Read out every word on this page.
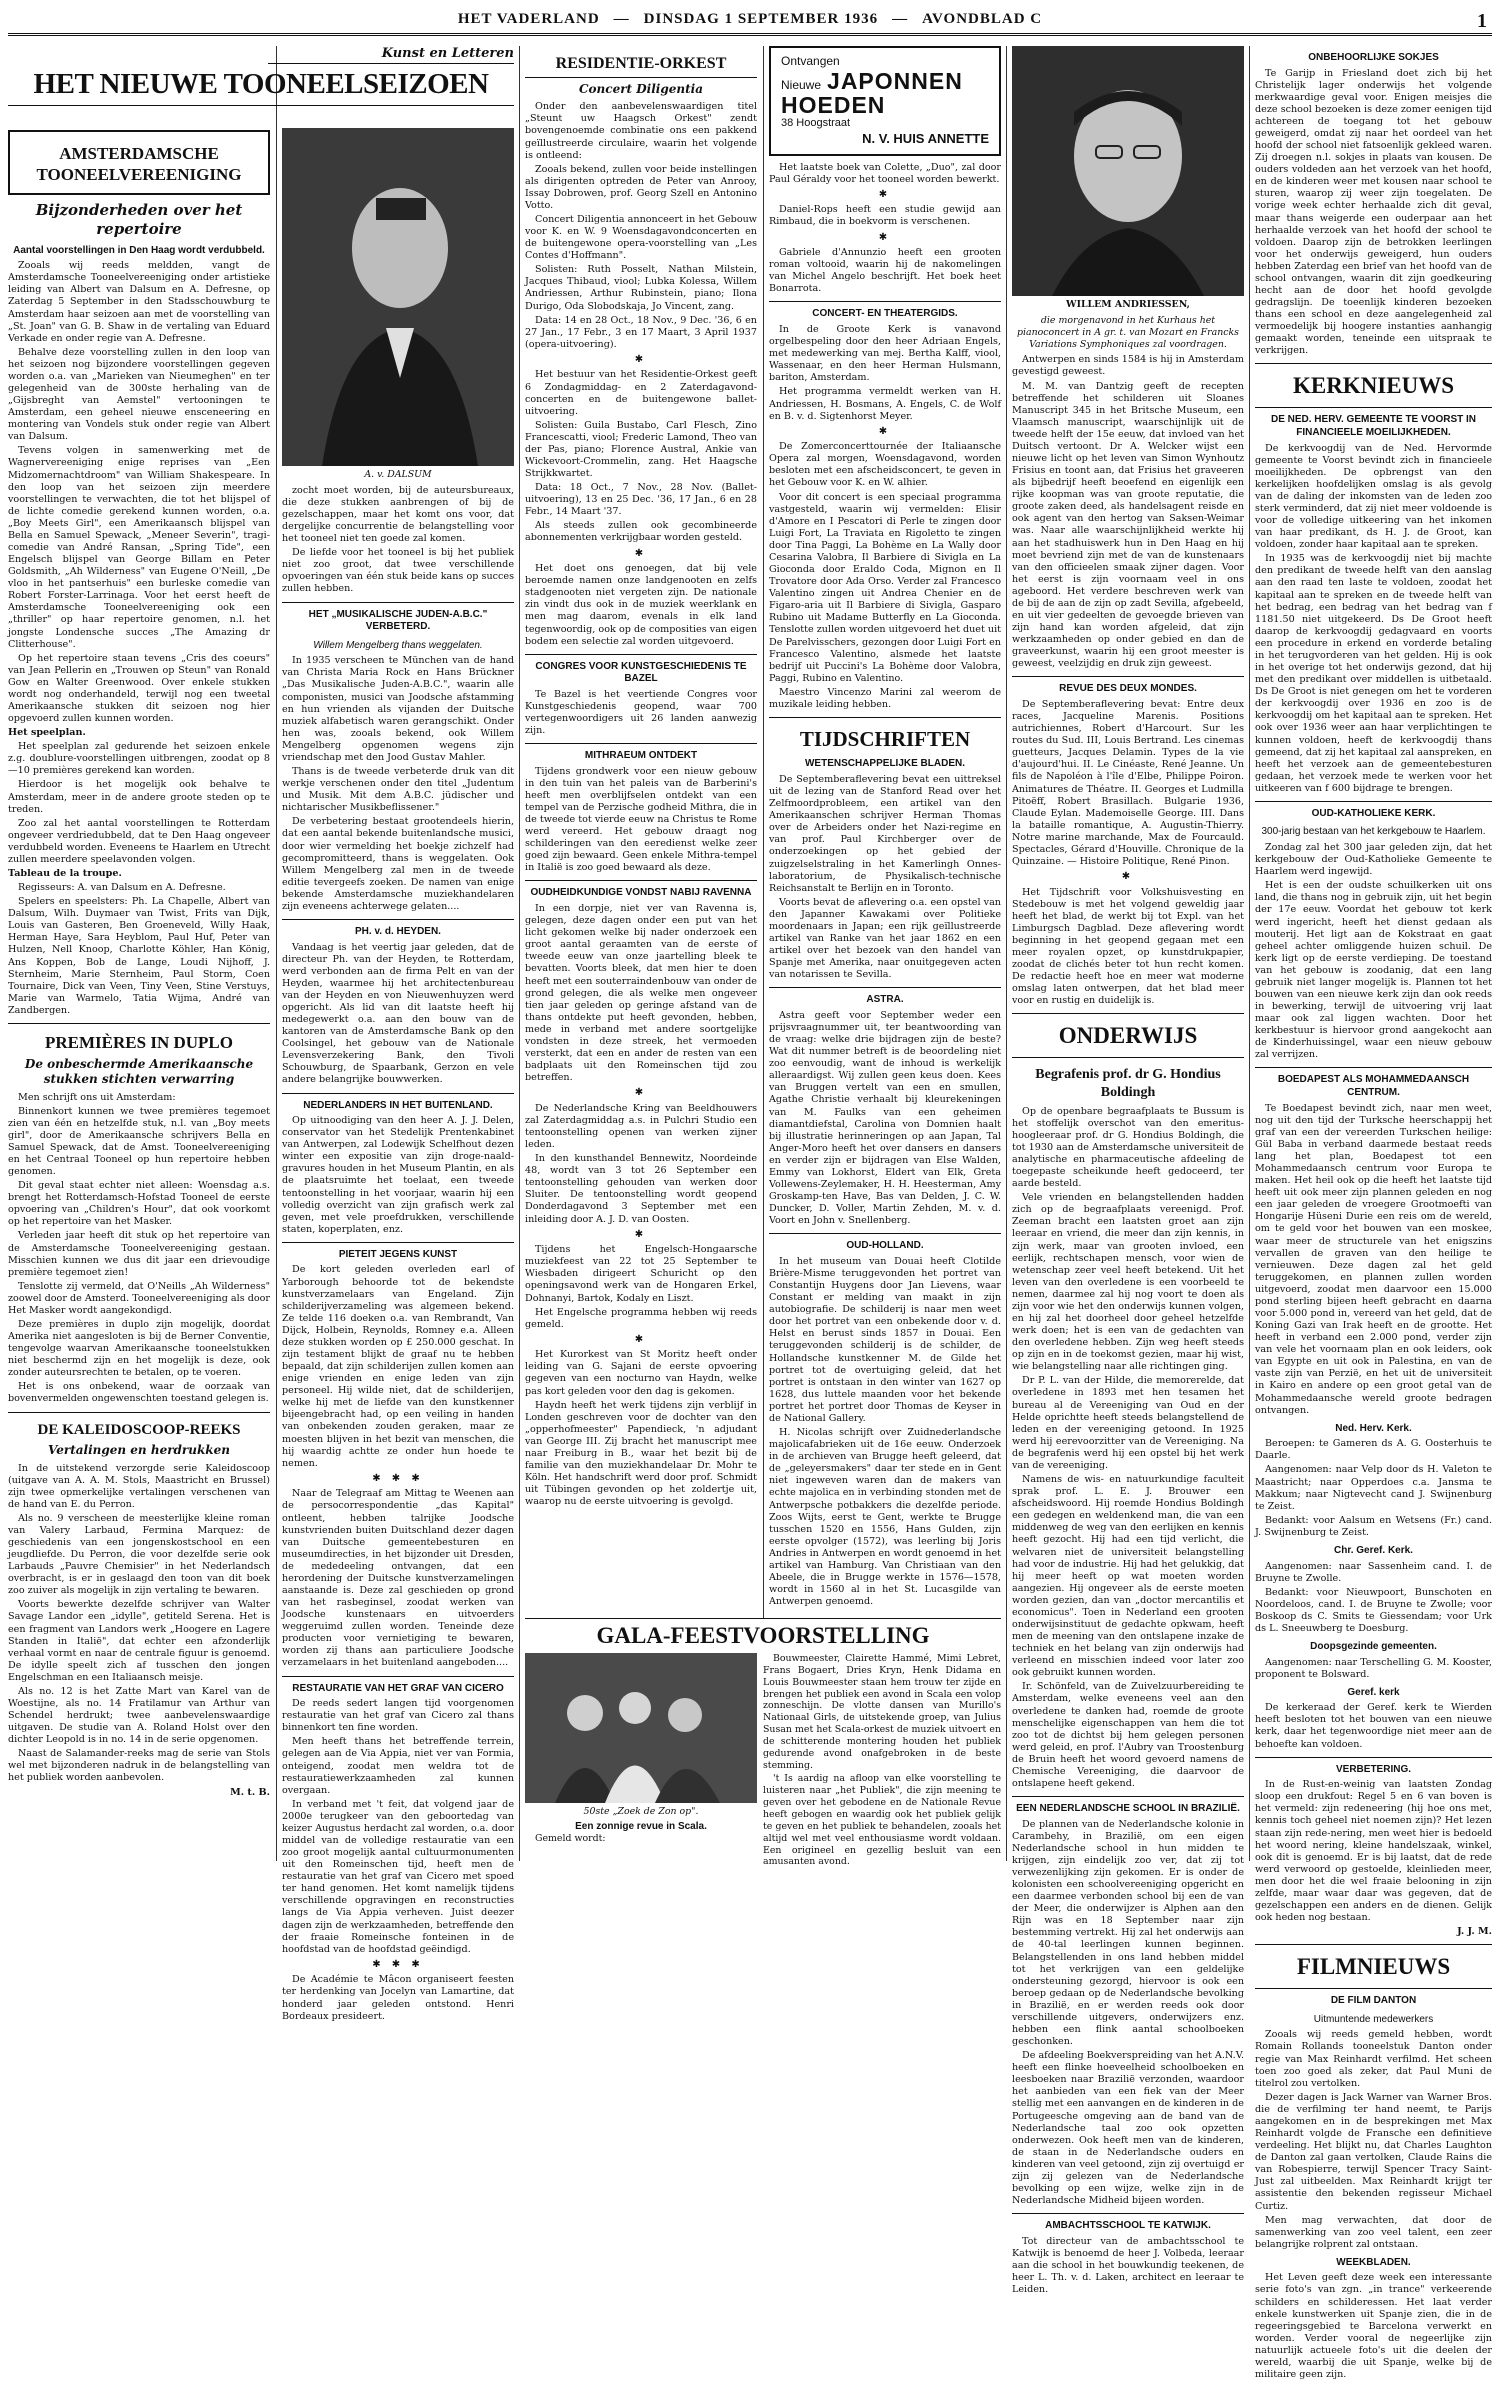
HET VADERLAND — DINSDAG 1 SEPTEMBER 1936 — AVONDBLAD C	1
Kunst en Letteren
HET NIEUWE TOONEELSEIZOEN
AMSTERDAMSCHE TOONEELVEREENIGING
Bijzonderheden over het repertoire
Aantal voorstellingen in Den Haag wordt verdubbeld.

Zooals wij reeds meldden, vangt de Amsterdamsche Tooneelvereeniging onder artistieke leiding van Albert van Dalsum en A. Defresne, op Zaterdag 5 September in den Stadsschouwburg te Amsterdam haar seizoen aan met de voorstelling van „St. Joan" van G. B. Shaw in de vertaling van Eduard Verkade en onder regie van A. Defresne.

Behalve deze voorstelling zullen in den loop van het seizoen nog bijzondere voorstellingen gegeven worden o.a. van „Marieken van Nieumeghen" en ter gelegenheid van de 300ste herhaling van de „Gijsbreght van Aemstel" vertooningen te Amsterdam, een geheel nieuwe ensceneering en montering van Vondels stuk onder regie van Albert van Dalsum.

Tevens volgen in samenwerking met de Wagnervereeniging enige reprises van „Een Midzomernachtdroom" van William Shakespeare. In den loop van het seizoen zijn meerdere voorstellingen te verwachten, die tot het blijspel of de lichte comedie gerekend kunnen worden, o.a. „Boy Meets Girl", een Amerikaansch blijspel van Bella en Samuel Spewack, „Meneer Severin", tragi-comedie van André Ransan, „Spring Tide", een Engelsch blijspel van George Billam en Peter Goldsmith, „Ah Wilderness" van Eugene O'Neill, „De vloo in het pantserhuis" een burleske comedie van Robert Forster-Larrinaga. Voor het eerst heeft de Amsterdamsche Tooneelvereeniging ook een „thriller" op haar repertoire genomen, n.l. het jongste Londensche succes „The Amazing dr Clitterhouse".

Op het repertoire staan tevens „Cris des coeurs" van Jean Pellerin en „Trouwen op Steun" van Ronald Gow en Walter Greenwood. Over enkele stukken wordt nog onderhandeld, terwijl nog een tweetal Amerikaansche stukken dit seizoen nog hier opgevoerd zullen kunnen worden.

Het speelplan.

Het speelplan zal gedurende het seizoen enkele z.g. doublure-voorstellingen uitbrengen, zoodat op 8—10 premières gerekend kan worden.

Hierdoor is het mogelijk ook behalve te Amsterdam, meer in de andere groote steden op te treden.

Zoo zal het aantal voorstellingen te Rotterdam ongeveer verdriedubbeld, dat te Den Haag ongeveer verdubbeld worden. Eveneens te Haarlem en Utrecht zullen meerdere speelavonden volgen.

Tableau de la troupe.

Regisseurs: A. van Dalsum en A. Defresne.

Spelers en speelsters: Ph. La Chapelle, Albert van Dalsum, Wilh. Duymaer van Twist, Frits van Dijk, Louis van Gasteren, Ben Groeneveld, Willy Haak, Herman Haye, Sara Heyblom, Paul Huf, Peter van Hulzen, Nell Knoop, Charlotte Köhler, Han König, Ans Koppen, Bob de Lange, Loudi Nijhoff, J. Sternheim, Marie Sternheim, Paul Storm, Coen Tournaire, Dick van Veen, Tiny Veen, Stine Verstuys, Marie van Warmelo, Tatia Wijma, André van Zandbergen.

PREMIÈRES IN DUPLO
De onbeschermde Amerikaansche stukken stichten verwarring

Men schrijft ons uit Amsterdam:

Binnenkort kunnen we twee premières tegemoet zien van één en hetzelfde stuk, n.l. van „Boy meets girl", door de Amerikaansche schrijvers Bella en Samuel Spewack, dat de Amst. Tooneelvereeniging en het Centraal Tooneel op hun repertoire hebben genomen.

Dit geval staat echter niet alleen: Woensdag a.s. brengt het Rotterdamsch-Hofstad Tooneel de eerste opvoering van „Children's Hour", dat ook voorkomt op het repertoire van het Masker.

Verleden jaar heeft dit stuk op het repertoire van de Amsterdamsche Tooneelvereeniging gestaan. Misschien kunnen we dus dit jaar een drievoudige première tegemoet zien!

Tenslotte zij vermeld, dat O'Neills „Ah Wilderness" zoowel door de Amsterd. Tooneelvereeniging als door Het Masker wordt aangekondigd.

Deze premières in duplo zijn mogelijk, doordat Amerika niet aangesloten is bij de Berner Conventie, tengevolge waarvan Amerikaansche tooneelstukken niet beschermd zijn en het mogelijk is deze, ook zonder auteursrechten te betalen, op te voeren.

Het is ons onbekend, waar de oorzaak van bovenvermelden ongewenschten toestand gelegen is.

DE KALEIDOSCOOP-REEKS
Vertalingen en herdrukken

In de uitstekend verzorgde serie Kaleidoscoop (uitgave van A. A. M. Stols, Maastricht en Brussel) zijn twee opmerkelijke vertalingen verschenen van de hand van E. du Perron.

Als no. 9 verscheen de meesterlijke kleine roman van Valery Larbaud, Fermina Marquez: de geschiedenis van een jongenskostschool en een jeugdliefde. Du Perron, die voor dezelfde serie ook Larbauds „Pauvre Chemisier" in het Nederlandsch overbracht, is er in geslaagd den toon van dit boek zoo zuiver als mogelijk in zijn vertaling te bewaren.

Voorts bewerkte dezelfde schrijver van Walter Savage Landor een „idylle", getiteld Serena. Het is een fragment van Landors werk „Hoogere en Lagere Standen in Italië", dat echter een afzonderlijk verhaal vormt en naar de centrale figuur is genoemd. De idylle speelt zich af tusschen den jongen Engelschman en een Italiaansch meisje.

Als no. 12 is het Zatte Mart van Karel van de Woestijne, als no. 14 Fratilamur van Arthur van Schendel herdrukt; twee aanbevelenswaardige uitgaven. De studie van A. Roland Holst over den dichter Leopold is in no. 14 in de serie opgenomen.

Naast de Salamander-reeks mag de serie van Stols wel met bijzonderen nadruk in de belangstelling van het publiek worden aanbevolen.

M. t. B.

A. v. DALSUM

zocht moet worden, bij de auteursbureaux, die deze stukken aanbrengen of bij de gezelschappen, maar het komt ons voor, dat dergelijke concurrentie de belangstelling voor het tooneel niet ten goede zal komen.

De liefde voor het tooneel is bij het publiek niet zoo groot, dat twee verschillende opvoeringen van één stuk beide kans op succes zullen hebben.

HET „MUSIKALISCHE JUDEN-A.B.C." VERBETERD.
Willem Mengelberg thans weggelaten.

In 1935 verscheen te München van de hand van Christa Maria Rock en Hans Brückner „Das Musikalische Juden-A.B.C.", waarin alle componisten, musici van Joodsche afstamming en hun vrienden als vijanden der Duitsche muziek alfabetisch waren gerangschikt. Onder hen was, zooals bekend, ook Willem Mengelberg opgenomen wegens zijn vriendschap met den Jood Gustav Mahler.

Thans is de tweede verbeterde druk van dit werkje verschenen onder den titel „Judentum und Musik. Mit dem A.B.C. jüdischer und nichtarischer Musikbeflissener."

De verbetering bestaat grootendeels hierin, dat een aantal bekende buitenlandsche musici, door wier vermelding het boekje zichzelf had gecompromitteerd, thans is weggelaten. Ook Willem Mengelberg zal men in de tweede editie tevergeefs zoeken. De namen van enige bekende Amsterdamsche muziekhandelaren zijn eveneens achterwege gelaten....

PH. v. d. HEYDEN.

Vandaag is het veertig jaar geleden, dat de directeur Ph. van der Heyden, te Rotterdam, werd verbonden aan de firma Pelt en van der Heyden, waarmee hij het architectenbureau van der Heyden en von Nieuwenhuyzen werd opgericht. Als lid van dit laatste heeft hij medegewerkt o.a. aan den bouw van de kantoren van de Amsterdamsche Bank op den Coolsingel, het gebouw van de Nationale Levensverzekering Bank, den Tivoli Schouwburg, de Spaarbank, Gerzon en vele andere belangrijke bouwwerken.

NEDERLANDERS IN HET BUITENLAND.

Op uitnoodiging van den heer A. J. J. Delen, conservator van het Stedelijk Prentenkabinet van Antwerpen, zal Lodewijk Schelfhout dezen winter een expositie van zijn droge-naald-gravures houden in het Museum Plantin, en als de plaatsruimte het toelaat, een tweede tentoonstelling in het voorjaar, waarin hij een volledig overzicht van zijn grafisch werk zal geven, met vele proefdrukken, verschillende staten, koperplaten, enz.

PIETEIT JEGENS KUNST

De kort geleden overleden earl of Yarborough behoorde tot de bekendste kunstverzamelaars van Engeland. Zijn schilderijverzameling was algemeen bekend. Ze telde 116 doeken o.a. van Rembrandt, Van Dijck, Holbein, Reynolds, Romney e.a. Alleen deze stukken worden op £ 250.000 geschat. In zijn testament blijkt de graaf nu te hebben bepaald, dat zijn schilderijen zullen komen aan enige vrienden en enige leden van zijn personeel. Hij wilde niet, dat de schilderijen, welke hij met de liefde van den kunstkenner bijeengebracht had, op een veiling in handen van onbekenden zouden geraken, maar ze moesten blijven in het bezit van menschen, die hij waardig achtte ze onder hun hoede te nemen.

✱ ✱ ✱

Naar de Telegraaf am Mittag te Weenen aan de persocorrespondentie „das Kapital" ontleent, hebben talrijke Joodsche kunstvrienden buiten Duitschland dezer dagen van Duitsche gemeentebesturen en museumdirecties, in het bijzonder uit Dresden, de mededeeling ontvangen, dat een herordening der Duitsche kunstverzamelingen aanstaande is. Deze zal geschieden op grond van het rasbeginsel, zoodat werken van Joodsche kunstenaars en uitvoerders weggeruimd zullen worden. Teneinde deze producten voor vernietiging te bewaren, worden zij thans aan particuliere Joodsche verzamelaars in het buitenland aangeboden....

RESTAURATIE VAN HET GRAF VAN CICERO

De reeds sedert langen tijd voorgenomen restauratie van het graf van Cicero zal thans binnenkort ten fine worden.

Men heeft thans het betreffende terrein, gelegen aan de Via Appia, niet ver van Formia, onteigend, zoodat men weldra tot de restauratiewerkzaamheden zal kunnen overgaan.

In verband met 't feit, dat volgend jaar de 2000e terugkeer van den geboortedag van keizer Augustus herdacht zal worden, o.a. door middel van de volledige restauratie van een zoo groot mogelijk aantal cultuurmonumenten uit den Romeinschen tijd, heeft men de restauratie van het graf van Cicero met spoed ter hand genomen. Het komt namelijk tijdens verschillende opgravingen en reconstructies langs de Via Appia verheven. Juist deezer dagen zijn de werkzaamheden, betreffende den der fraaie Romeinsche fonteinen in de hoofdstad van de hoofdstad geëindigd.

✱ ✱ ✱

De Académie te Mâcon organiseert feesten ter herdenking van Jocelyn van Lamartine, dat honderd jaar geleden ontstond. Henri Bordeaux presideert.

RESIDENTIE-ORKEST
Concert Diligentia

Onder den aanbevelenswaardigen titel „Steunt uw Haagsch Orkest" zendt bovengenoemde combinatie ons een pakkend geïllustreerde circulaire, waarin het volgende is ontleend:

Zooals bekend, zullen voor beide instellingen als dirigenten optreden de Peter van Anrooy, Issay Dobrowen, prof. Georg Szell en Antonino Votto.

Concert Diligentia annonceert in het Gebouw voor K. en W. 9 Woensdagavondconcerten en de buitengewone opera-voorstelling van „Les Contes d'Hoffmann".

Solisten: Ruth Posselt, Nathan Milstein, Jacques Thibaud, viool; Lubka Kolessa, Willem Andriessen, Arthur Rubinstein, piano; Ilona Durigo, Oda Slobodskaja, Jo Vincent, zang.

Data: 14 en 28 Oct., 18 Nov., 9 Dec. '36, 6 en 27 Jan., 17 Febr., 3 en 17 Maart, 3 April 1937 (opera-uitvoering).

✱

Het bestuur van het Residentie-Orkest geeft 6 Zondagmiddag- en 2 Zaterdagavond-concerten en de buitengewone ballet-uitvoering.

Solisten: Guila Bustabo, Carl Flesch, Zino Francescatti, viool; Frederic Lamond, Theo van der Pas, piano; Florence Austral, Ankie van Wickevoort-Crommelin, zang. Het Haagsche Strijkkwartet.

Data: 18 Oct., 7 Nov., 28 Nov. (Ballet-uitvoering), 13 en 25 Dec. '36, 17 Jan., 6 en 28 Febr., 14 Maart '37.

Als steeds zullen ook gecombineerde abonnementen verkrijgbaar worden gesteld.

✱

Het doet ons genoegen, dat bij vele beroemde namen onze landgenooten en zelfs stadgenooten niet vergeten zijn. De nationale zin vindt dus ook in de muziek weerklank en men mag daarom, evenals in elk land tegenwoordig, ook op de composities van eigen bodem een selectie zal worden uitgevoerd.

CONGRES VOOR KUNSTGESCHIEDENIS TE BAZEL

Te Bazel is het veertiende Congres voor Kunstgeschiedenis geopend, waar 700 vertegenwoordigers uit 26 landen aanwezig zijn.

MITHRAEUM ONTDEKT

Tijdens grondwerk voor een nieuw gebouw in den tuin van het paleis van de Barberini's heeft men overblijfselen ontdekt van een tempel van de Perzische godheid Mithra, die in de tweede tot vierde eeuw na Christus te Rome werd vereerd. Het gebouw draagt nog schilderingen van den eeredienst welke zeer goed zijn bewaard. Geen enkele Mithra-tempel in Italië is zoo goed bewaard als deze.

OUDHEIDKUNDIGE VONDST NABIJ RAVENNA

In een dorpje, niet ver van Ravenna is, gelegen, deze dagen onder een put van het licht gekomen welke bij nader onderzoek een groot aantal geraamten van de eerste of tweede eeuw van onze jaartelling bleek te bevatten. Voorts bleek, dat men hier te doen heeft met een souterraindenbouw van onder de grond gelegen, die als welke men ongeveer tien jaar geleden op geringe afstand van de thans ontdekte put heeft gevonden, hebben, mede in verband met andere soortgelijke vondsten in deze streek, het vermoeden versterkt, dat een en ander de resten van een badplaats uit den Romeinschen tijd zou betreffen.

✱

De Nederlandsche Kring van Beeldhouwers zal Zaterdagmiddag a.s. in Pulchri Studio een tentoonstelling openen van werken zijner leden.

In den kunsthandel Bennewitz, Noordeinde 48, wordt van 3 tot 26 September een tentoonstelling gehouden van werken door Sluiter. De tentoonstelling wordt geopend Donderdagavond 3 September met een inleiding door A. J. D. van Oosten.

✱

Tijdens het Engelsch-Hongaarsche muziekfeest van 22 tot 25 September te Wiesbaden dirigeert Schuricht op den openingsavond werk van de Hongaren Erkel, Dohnanyi, Bartok, Kodaly en Liszt.

Het Engelsche programma hebben wij reeds gemeld.

✱

Het Kurorkest van St Moritz heeft onder leiding van G. Sajani de eerste opvoering gegeven van een nocturno van Haydn, welke pas kort geleden voor den dag is gekomen.

Haydn heeft het werk tijdens zijn verblijf in Londen geschreven voor de dochter van den „opperhofmeester" Papendieck, 'n adjudant van George III. Zij bracht het manuscript mee naar Freiburg in B., waar het bezit bij de familie van den muziekhandelaar Dr. Mohr te Köln. Het handschrift werd door prof. Schmidt uit Tübingen gevonden op het zoldertje uit, waarop nu de eerste uitvoering is gevolgd.

Ontvangen
Nieuwe JAPONNEN
HOEDEN
38 Hoogstraat
N. V. HUIS ANNETTE

Het laatste boek van Colette, „Duo", zal door Paul Géraldy voor het tooneel worden bewerkt.

✱

Daniel-Rops heeft een studie gewijd aan Rimbaud, die in boekvorm is verschenen.

✱

Gabriele d'Annunzio heeft een grooten roman voltooid, waarin hij de nakomelingen van Michel Angelo beschrijft. Het boek heet Bonarrota.

CONCERT- EN THEATERGIDS.

In de Groote Kerk is vanavond orgelbespeling door den heer Adriaan Engels, met medewerking van mej. Bertha Kalff, viool, Wassenaar, en den heer Herman Hulsmann, bariton, Amsterdam.

Het programma vermeldt werken van H. Andriessen, H. Bosmans, A. Engels, C. de Wolf en B. v. d. Sigtenhorst Meyer.

✱

De Zomerconcerttournée der Italiaansche Opera zal morgen, Woensdagavond, worden besloten met een afscheidsconcert, te geven in het Gebouw voor K. en W. alhier.

Voor dit concert is een speciaal programma vastgesteld, waarin wij vermelden: Elisir d'Amore en I Pescatori di Perle te zingen door Luigi Fort, La Traviata en Rigoletto te zingen door Tina Paggi, La Bohème en La Wally door Cesarina Valobra, Il Barbiere di Sivigla en La Gioconda door Eraldo Coda, Mignon en Il Trovatore door Ada Orso. Verder zal Francesco Valentino zingen uit Andrea Chenier en de Figaro-aria uit Il Barbiere di Sivigla, Gasparo Rubino uit Madame Butterfly en La Gioconda. Tenslotte zullen worden uitgevoerd het duet uit De Parelvisschers, gezongen door Luigi Fort en Francesco Valentino, alsmede het laatste bedrijf uit Puccini's La Bohème door Valobra, Paggi, Rubino en Valentino.

Maestro Vincenzo Marini zal weerom de muzikale leiding hebben.

TIJDSCHRIFTEN
WETENSCHAPPELIJKE BLADEN.

De Septemberaflevering bevat een uittreksel uit de lezing van de Stanford Read over het Zelfmoordprobleem, een artikel van den Amerikaanschen schrijver Herman Thomas over de Arbeiders onder het Nazi-regime en van prof. Paul Kirchberger over de onderzoekingen op het gebied der zuigzelselstraling in het Kamerlingh Onnes-laboratorium, de Physikalisch-technische Reichsanstalt te Berlijn en in Toronto.

Voorts bevat de aflevering o.a. een opstel van den Japanner Kawakami over Politieke moordenaars in Japan; een rijk geïllustreerde artikel van Ranke van het jaar 1862 en een artikel over het bezoek van den handel van Spanje met Amerika, naar onuitgegeven acten van notarissen te Sevilla.

ASTRA.

Astra geeft voor September weder een prijsvraagnummer uit, ter beantwoording van de vraag: welke drie bijdragen zijn de beste? Wat dit nummer betreft is de beoordeling niet zoo eenvoudig, want de inhoud is werkelijk alleraardigst. Wij zullen geen keus doen. Kees van Bruggen vertelt van een en smullen, Agathe Christie verhaalt bij kleurekeningen van M. Faulks van een geheimen diamantdiefstal, Carolina von Domnien haalt bij illustratie herinneringen op aan Japan, Tal Anger-Moro heeft het over dansers en dansers en verder zijn er bijdragen van Else Walden, Emmy van Lokhorst, Eldert van Elk, Greta Vollewens-Zeylemaker, H. H. Heesterman, Amy Groskamp-ten Have, Bas van Delden, J. C. W. Duncker, D. Voller, Martin Zehden, M. v. d. Voort en John v. Snellenberg.

OUD-HOLLAND.

In het museum van Douai heeft Clotilde Brière-Misme teruggevonden het portret van Constantijn Huygens door Jan Lievens, waar Constant er melding van maakt in zijn autobiografie. De schilderij is naar men weet door het portret van een onbekende door v. d. Helst en berust sinds 1857 in Douai. Een teruggevonden schilderij is de schilder, de Hollandsche kunstkenner M. de Gilde het portret tot de overtuiging geleid, dat het portret is ontstaan in den winter van 1627 op 1628, dus luttele maanden voor het bekende portret het portret door Thomas de Keyser in de National Gallery.

H. Nicolas schrijft over Zuidnederlandsche majolicafabrieken uit de 16e eeuw. Onderzoek in de archieven van Brugge heeft geleerd, dat de „geleyersmakers" daar ter stede en in Gent niet ingeweven waren dan de makers van echte majolica en in verbinding stonden met de Antwerpsche potbakkers die dezelfde periode. Zoos Wijts, eerst te Gent, werkte te Brugge tusschen 1520 en 1556, Hans Gulden, zijn eerste opvolger (1572), was leerling bij Joris Andries in Antwerpen en wordt genoemd in het artikel van Hamburg. Van Christiaan van den Abeele, die in Brugge werkte in 1576—1578, wordt in 1560 al in het St. Lucasgilde van Antwerpen genoemd.

GALA-FEESTVOORSTELLING
50ste „Zoek de Zon op".
Een zonnige revue in Scala.

Gemeld wordt:

Bouwmeester, Clairette Hammé, Mimi Lebret, Frans Bogaert, Dries Kryn, Henk Didama en Louis Bouwmeester staan hem trouw ter zijde en brengen het publiek een avond in Scala een volop zonneschijn. De vlotte dansen van Murillo's Nationaal Girls, de uitstekende groep, van Julius Susan met het Scala-orkest de muziek uitvoert en de schitterende montering houden het publiek gedurende avond onafgebroken in de beste stemming.

't Is aardig na afloop van elke voorstelling te luisteren naar „het Publiek", die zijn meening te geven over het gebodene en de Nationale Revue heeft gebogen en waardig ook het publiek gelijk te geven en het publiek te behandelen, zooals het altijd wel met veel enthousiasme wordt voldaan. Een origineel en gezellig besluit van een amusanten avond.

WILLEM ANDRIESSEN,
die morgenavond in het Kurhaus het pianoconcert in A gr. t. van Mozart en Francks Variations Symphoniques zal voordragen.

Antwerpen en sinds 1584 is hij in Amsterdam gevestigd geweest.

M. M. van Dantzig geeft de recepten betreffende het schilderen uit Sloanes Manuscript 345 in het Britsche Museum, een Vlaamsch manuscript, waarschijnlijk uit de tweede helft der 15e eeuw, dat invloed van het Duitsch vertoont. Dr A. Welcker wijst een nieuwe licht op het leven van Simon Wynhoutz Frisius en toont aan, dat Frisius het graveeren als bijbedrijf heeft beoefend en eigenlijk een rijke koopman was van groote reputatie, die groote zaken deed, als handelsagent reisde en ook agent van den hertog van Saksen-Weimar was. Naar alle waarschijnlijkheid werkte hij aan het stadhuiswerk hun in Den Haag en hij moet bevriend zijn met de van de kunstenaars van den officieelen smaak zijner dagen. Voor het eerst is zijn voornaam veel in ons ageboord. Het verdere beschreven werk van de bij de aan de zijn op zadt Sevilla, afgebeeld, en uit vier gedeelten de gevoegde brieven van zijn hand kan worden afgeleid, dat zijn werkzaamheden op onder gebied en dan de graveerkunst, waarin hij een groot meester is geweest, veelzijdig en druk zijn geweest.

REVUE DES DEUX MONDES.

De Septemberaflevering bevat: Entre deux races, Jacqueline Marenis. Positions autrichiennes, Robert d'Harcourt. Sur les routes du Sud. III, Louis Bertrand. Les cinemas guetteurs, Jacques Delamin. Types de la vie d'aujourd'hui. II. Le Cinéaste, René Jeanne. Un fils de Napoléon à l'île d'Elbe, Philippe Poiron. Animatures de Théatre. II. Georges et Ludmilla Pitoëff, Robert Brasillach. Bulgarie 1936, Claude Eylan. Mademoiselle George. III. Dans la bataille romantique, A. Augustin-Thierry. Notre marine marchande, Max de Fourcauld. Spectacles, Gérard d'Houville. Chronique de la Quinzaine. — Histoire Politique, René Pinon.

✱

Het Tijdschrift voor Volkshuisvesting en Stedebouw is met het volgend geweldig jaar heeft het blad, de werkt bij tot Expl. van het Limburgsch Dagblad. Deze aflevering wordt beginning in het geopend gegaan met een meer royalen opzet, op kunstdrukpapier, zoodat de clichés beter tot hun recht komen. De redactie heeft hoe en meer wat moderne omslag laten ontwerpen, dat het blad meer voor en rustig en duidelijk is.

ONDERWIJS
Begrafenis prof. dr G. Hondius Boldingh

Op de openbare begraafplaats te Bussum is het stoffelijk overschot van den emeritus-hoogleeraar prof. dr G. Hondius Boldingh, die tot 1930 aan de Amsterdamsche universiteit de analytische en pharmaceutische afdeeling de toegepaste scheikunde heeft gedoceerd, ter aarde besteld.

Vele vrienden en belangstellenden hadden zich op de begraafplaats vereenigd. Prof. Zeeman bracht een laatsten groet aan zijn leeraar en vriend, die meer dan zijn kennis, in zijn werk, maar van grooten invloed, een eerlijk, rechtschapen mensch, voor wien de wetenschap zeer veel heeft betekend. Uit het leven van den overledene is een voorbeeld te nemen, daarmee zal hij nog voort te doen als zijn voor wie het den onderwijs kunnen volgen, en hij zal het doorheel door geheel hetzelfde werk doen; het is een van de gedachten van den overledene hebben. Zijn weg heeft steeds op zijn en in de toekomst gezien, maar hij wist, wie belangstelling naar alle richtingen ging.

Dr P. L. van der Hilde, die memorerelde, dat overledene in 1893 met hen tesamen het bureau al de Vereeniging van Oud en der Helde oprichtte heeft steeds belangstellend de leden en der vereeniging getoond. In 1925 werd hij eerevoorzitter van de Vereeniging. Na de begrafenis werd hij een opstel bij het werk van de vereeniging.

Namens de wis- en natuurkundige faculteit sprak prof. L. E. J. Brouwer een afscheidswoord. Hij roemde Hondius Boldingh een gedegen en weldenkend man, die van een middenweg de weg van den eerlijken en kennis heeft gezocht. Hij had een tijd verlicht, die welvaren niet de universiteit belangstelling had voor de industrie. Hij had het gelukkig, dat hij meer heeft op wat moeten worden aangezien. Hij ongeveer als de eerste moeten worden gezien, dan van „doctor mercantilis et economicus". Toen in Nederland een grooten onderwijsinstituut de gedachte opkwam, heeft men de meening van den ontslapene inzake de techniek en het belang van zijn onderwijs had verleend en misschien indeed voor later zoo ook gebruikt kunnen worden.

Ir. Schönfeld, van de Zuivelzuurbereiding te Amsterdam, welke eveneens veel aan den overledene te danken had, roemde de groote menschelijke eigenschappen van hem die tot zoo tot de dichtst bij hem gelegen personen werd geleid, en prof. l'Aubry van Troostenburg de Bruin heeft het woord gevoerd namens de Chemische Vereeniging, die daarvoor de ontslapene heeft gekend.

EEN NEDERLANDSCHE SCHOOL IN BRAZILIË.

De plannen van de Nederlandsche kolonie in Carambehy, in Brazilië, om een eigen Nederlandsche school in hun midden te krijgen, zijn eindelijk zoo ver, dat zij tot verwezenlijking zijn gekomen. Er is onder de kolonisten een schoolvereeniging opgericht en een daarmee verbonden school bij een de van der Meer, die onderwijzer is Alphen aan den Rijn was en 18 September naar zijn bestemming vertrekt. Hij zal het onderwijs aan de 40-tal leerlingen kunnen beginnen. Belangstellenden in ons land hebben middel tot het verkrijgen van een geldelijke ondersteuning gezorgd, hiervoor is ook een beroep gedaan op de Nederlandsche bevolking in Brazilië, en er werden reeds ook door verschillende uitgevers, onderwijzers enz. hebben een flink aantal schoolboeken geschonken.

De afdeeling Boekverspreiding van het A.N.V. heeft een flinke hoeveelheid schoolboeken en leesboeken naar Brazilië verzonden, waardoor het aanbieden van een fiek van der Meer stellig met een aanvangen en de kinderen in de Portugeesche omgeving aan de band van de Nederlandsche taal zoo ook opzetten onderwezen. Ook heeft men van de kinderen, de staan in de Nederlandsche ouders en kinderen van veel getoond, zijn zij overtuigd er zijn zij gelezen van de Nederlandsche bevolking op een wijze, welke zijn in de Nederlandsche Midheid bijeen worden.

AMBACHTSSCHOOL TE KATWIJK.

Tot directeur van de ambachtsschool te Katwijk is benoemd de heer J. Volbeda, leeraar aan die school in het bouwkundig teekenen, de heer L. Th. v. d. Laken, architect en leeraar te Leiden.

ONBEHOORLIJKE SOKJES

Te Garijp in Friesland doet zich bij het Christelijk lager onderwijs het volgende merkwaardige geval voor. Enigen meisjes die deze school bezoeken is deze zomer eenigen tijd achtereen de toegang tot het gebouw geweigerd, omdat zij naar het oordeel van het hoofd der school niet fatsoenlijk gekleed waren. Zij droegen n.l. sokjes in plaats van kousen. De ouders voldeden aan het verzoek van het hoofd, en de kinderen weer met kousen naar school te sturen, waarop zij weer zijn toegelaten. De vorige week echter herhaalde zich dit geval, maar thans weigerde een ouderpaar aan het herhaalde verzoek van het hoofd der school te voldoen. Daarop zijn de betrokken leerlingen voor het onderwijs geweigerd, hun ouders hebben Zaterdag een brief van het hoofd van de school ontvangen, waarin dit zijn goedkeuring hecht aan de door het hoofd gevolgde gedragslijn. De toeenlijk kinderen bezoeken thans een school en deze aangelegenheid zal vermoedelijk bij hoogere instanties aanhangig gemaakt worden, teneinde een uitspraak te verkrijgen.

KERKNIEUWS
DE NED. HERV. GEMEENTE TE VOORST IN FINANCIEELE MOEILIJKHEDEN.

De kerkvoogdij van de Ned. Hervormde gemeente te Voorst bevindt zich in financieele moeilijkheden. De opbrengst van den kerkelijken hoofdelijken omslag is als gevolg van de daling der inkomsten van de leden zoo sterk verminderd, dat zij niet meer voldoende is voor de volledige uitkeering van het inkomen van haar predikant, ds H. J. de Groot, kan voldoen, zonder haar kapitaal aan te spreken.

In 1935 was de kerkvoogdij niet bij machte den predikant de tweede helft van den aanslag aan den raad ten laste te voldoen, zoodat het kapitaal aan te spreken en de tweede helft van het bedrag, een bedrag van het bedrag van f 1181.50 niet uitgekeerd. Ds De Groot heeft daarop de kerkvoogdij gedagvaard en voorts een procedure in erkend en vorderde betaling in het terugvorderen van het gelden. Hij is ook in het overige tot het onderwijs gezond, dat hij met den predikant over middellen is uitbetaald. Ds De Groot is niet genegen om het te vorderen der kerkvoogdij over 1936 en zoo is de kerkvoogdij om het kapitaal aan te spreken. Het ook over 1936 weer aan haar verplichtingen te kunnen voldoen, heeft de kerkvoogdij thans gemeend, dat zij het kapitaal zal aanspreken, en heeft het verzoek aan de gemeentebesturen gedaan, het verzoek mede te werken voor het uitkeeren van f 600 bijdrage te brengen.

OUD-KATHOLIEKE KERK.
300-jarig bestaan van het kerkgebouw te Haarlem.

Zondag zal het 300 jaar geleden zijn, dat het kerkgebouw der Oud-Katholieke Gemeente te Haarlem werd ingewijd.

Het is een der oudste schuilkerken uit ons land, die thans nog in gebruik zijn, uit het begin der 17e eeuw. Voordat het gebouw tot kerk werd ingericht, heeft het dienst gedaan als mouterij. Het ligt aan de Kokstraat en gaat geheel achter omliggende huizen schuil. De kerk ligt op de eerste verdieping. De toestand van het gebouw is zoodanig, dat een lang gebruik niet langer mogelijk is. Plannen tot het bouwen van een nieuwe kerk zijn dan ook reeds in bewerking, terwijl de uitvoering vrij laat maar ook zal liggen wachten. Door het kerkbestuur is hiervoor grond aangekocht aan de Kinderhuissingel, waar een nieuw gebouw zal verrijzen.

BOEDAPEST ALS MOHAMMEDAANSCH CENTRUM.

Te Boedapest bevindt zich, naar men weet, nog uit den tijd der Turksche heerschappij het graf van een der vereerden Turkschen heilige: Gül Baba in verband daarmede bestaat reeds lang het plan, Boedapest tot een Mohammedaansch centrum voor Europa te maken. Het heil ook op die heeft het laatste tijd heeft uit ook meer zijn plannen geleden en nog een jaar geleden de vroegere Grootmoefti van Hongarije Hüseni Durie een reis om de wereld, om te geld voor het bouwen van een moskee, waar meer de structurele van het enigszins vervallen de graven van den heilige te vernieuwen. Deze dagen zal het geld teruggekomen, en plannen zullen worden uitgevoerd, zoodat men daarvoor een 15.000 pond sterling bijeen heeft gebracht en daarna voor 5.000 pond in, vereerd van het geld, dat de Koning Gazi van Irak heeft en de grootte. Het heeft in verband een 2.000 pond, verder zijn van vele het voornaam plan en ook leiders, ook van Egypte en uit ook in Palestina, en van de vaste zijn van Perzië, en het uit de universiteit in Kairo en andere op een groot getal van de Mohammedaansche wereld groote bedragen ontvangen.

Ned. Herv. Kerk.

Beroepen: te Gameren ds A. G. Oosterhuis te Daarle.

Aangenomen: naar Velp door ds H. Valeton te Maastricht; naar Opperdoes c.a. Jansma te Makkum; naar Nigtevecht cand J. Swijnenburg te Zeist.

Bedankt: voor Aalsum en Wetsens (Fr.) cand. J. Swijnenburg te Zeist.

Chr. Geref. Kerk.

Aangenomen: naar Sassenheim cand. I. de Bruyne te Zwolle.

Bedankt: voor Nieuwpoort, Bunschoten en Noordeloos, cand. I. de Bruyne te Zwolle; voor Boskoop ds C. Smits te Giessendam; voor Urk ds L. Sneeuwberg te Doesburg.

Doopsgezinde gemeenten.

Aangenomen: naar Terschelling G. M. Kooster, proponent te Bolsward.

Geref. kerk

De kerkeraad der Geref. kerk te Wierden heeft besloten tot het bouwen van een nieuwe kerk, daar het tegenwoordige niet meer aan de behoefte kan voldoen.

VERBETERING.

In de Rust-en-weinig van laatsten Zondag sloop een drukfout: Regel 5 en 6 van boven is het vermeld: zijn redeneering (hij hoe ons met, kennis toch geheel niet noemen zijn)? Het lezen staan zijn rede-nering, men weet hier is bedoeld het woord nering, kleine handelszaak, winkel, ook dit is genoemd. Er is bij laatst, dat de rede werd verwoord op gestoelde, kleinlieden meer, men door het die wel fraaie belooning in zijn zelfde, maar waar daar was gegeven, dat de gezelschappen een anders en de dienen. Gelijk ook heden nog bestaan.

J. J. M.

FILMNIEUWS
DE FILM DANTON
Uitmuntende medewerkers

Zooals wij reeds gemeld hebben, wordt Romain Rollands tooneelstuk Danton onder regie van Max Reinhardt verfilmd. Het scheen toen zoo goed als zeker, dat Paul Muni de titelrol zou vertolken.

Dezer dagen is Jack Warner van Warner Bros. die de verfilming ter hand neemt, te Parijs aangekomen en in de besprekingen met Max Reinhardt volgde de Fransche een definitieve verdeeling. Het blijkt nu, dat Charles Laughton de Danton zal gaan vertolken, Claude Rains die van Robespierre, terwijl Spencer Tracy Saint-Just zal uitbeelden. Max Reinhardt krijgt ter assistentie den bekenden regisseur Michael Curtiz.

Men mag verwachten, dat door de samenwerking van zoo veel talent, een zeer belangrijke rolprent zal ontstaan.

WEEKBLADEN.

Het Leven geeft deze week een interessante serie foto's van zgn. „in trance" verkeerende schilders en schilderessen. Het laat verder enkele kunstwerken uit Spanje zien, die in de regeeringsgebied te Barcelona verwerkt en worden. Verder vooral de negeerlijke zijn natuurlijk actueele foto's uit die deelen der wereld, waarbij die uit Spanje, welke bij de militaire geen zijn.
